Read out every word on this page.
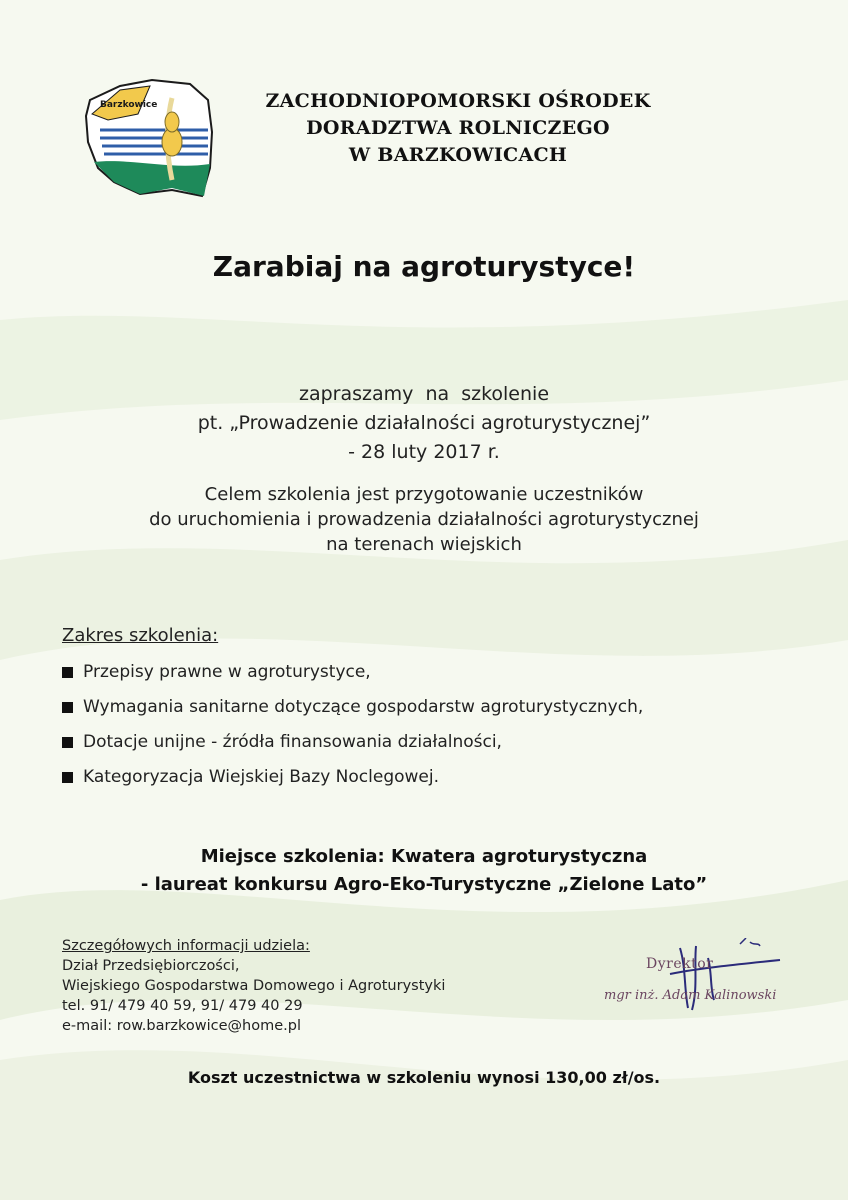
Barzkowice	ZACHODNIOPOMORSKI OŚRODEK
DORADZTWA ROLNICZEGO
W BARZKOWICACH
Zarabiaj na agroturystyce!
zapraszamy  na  szkolenie
pt. „Prowadzenie działalności agroturystycznej”
- 28 luty 2017 r.
Celem szkolenia jest przygotowanie uczestników
do uruchomienia i prowadzenia działalności agroturystycznej
na terenach wiejskich
Zakres szkolenia:
Przepisy prawne w agroturystyce,
Wymagania sanitarne dotyczące gospodarstw agroturystycznych,
Dotacje unijne - źródła finansowania działalności,
Kategoryzacja Wiejskiej Bazy Noclegowej.
Miejsce szkolenia: Kwatera agroturystyczna
- laureat konkursu Agro-Eko-Turystyczne „Zielone Lato”
Szczegółowych informacji udziela:
Dział Przedsiębiorczości,
Wiejskiego Gospodarstwa Domowego i Agroturystyki
tel. 91/ 479 40 59, 91/ 479 40 29
e-mail: row.barzkowice@home.pl
Dyrektor
mgr inż. Adam Kalinowski
Koszt uczestnictwa w szkoleniu wynosi 130,00 zł/os.
